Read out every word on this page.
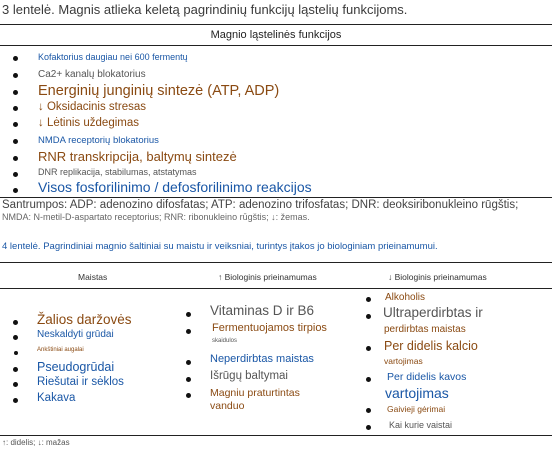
3 lentelė. Magnis atlieka keletą pagrindinių funkcijų ląstelių funkcijoms.
Magnio ląstelinės funkcijos
Kofaktorius daugiau nei 600 fermentų
Ca2+ kanalų blokatorius
Energinių junginių sintezė (ATP, ADP)
↓ Oksidacinis stresas
↓ Lėtinis uždegimas
NMDA receptorių blokatorius
RNR transkripcija, baltymų sintezė
DNR replikacija, stabilumas, atstatymas
Visos fosforilinimo / defosforilinimo reakcijos
Santrumpos: ADP: adenozino difosfatas; ATP: adenozino trifosfatas; DNR: deoksiribonukleino rūgštis;
NMDA: N-metil-D-aspartato receptorius; RNR: ribonukleino rūgštis; ↓: žemas.
4 lentelė. Pagrindiniai magnio šaltiniai su maistu ir veiksniai, turintys įtakos jo biologiniam prieinamumui.
Maistas	↑ Biologinis prieinamumas	↓ Biologinis prieinamumas
Žalios daržovės
Neskaldyti grūdai
Ankštiniai augalai
Pseudogrūdai
Riešutai ir sėklos
Kakava
Vitaminas D ir B6
Fermentuojamos tirpios
skaidulos
Neperdirbtas maistas
Išrūgų baltymai
Magniu praturtintas
vanduo
Alkoholis
Ultraperdirbtas ir
perdirbtas maistas
Per didelis kalcio
vartojimas
Per didelis kavos
vartojimas
Gaivieji gėrimai
Kai kurie vaistai
↑: didelis; ↓: mažas
